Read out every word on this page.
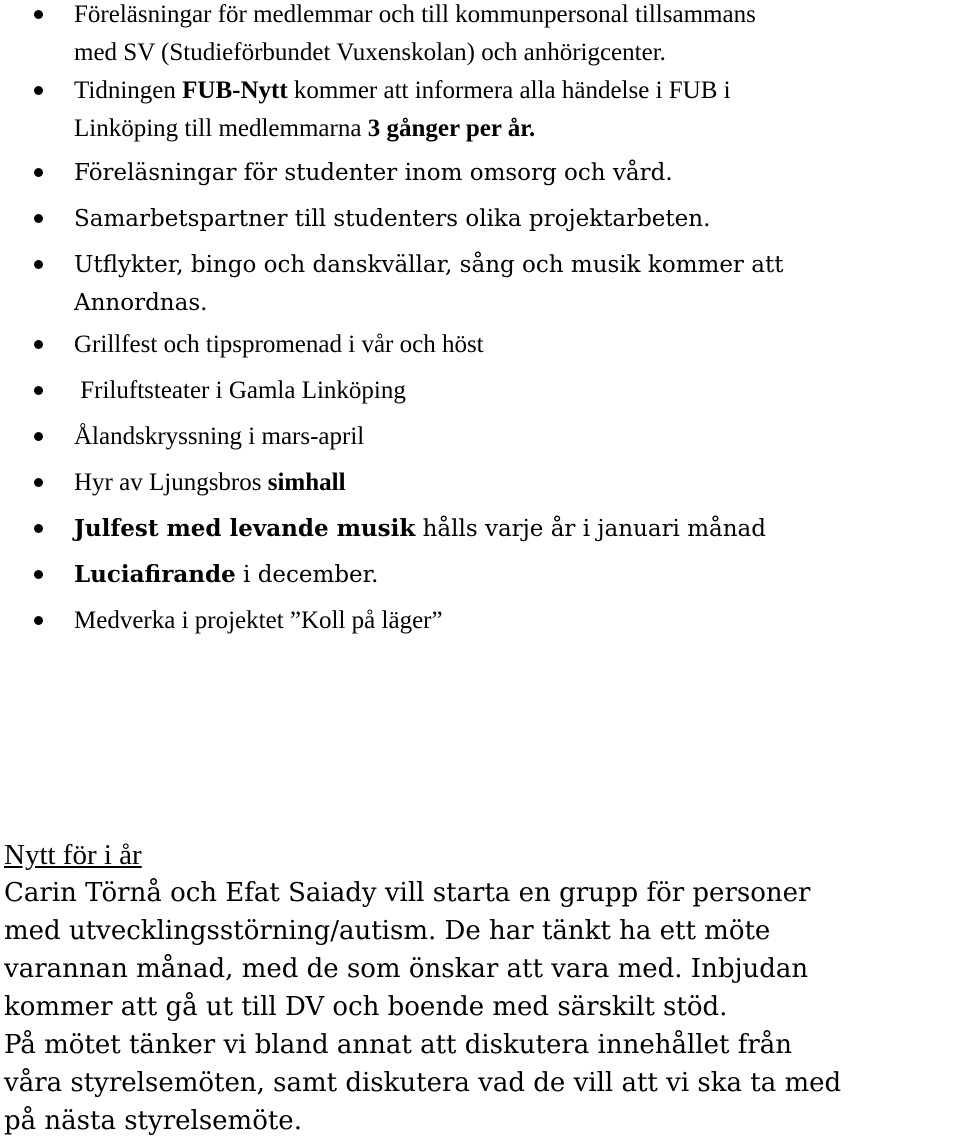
Föreläsningar för medlemmar och till kommunpersonal tillsammans
med SV (Studieförbundet Vuxenskolan) och anhörigcenter.
Tidningen FUB-Nytt kommer att informera alla händelse i FUB i
Linköping till medlemmarna 3 gånger per år.
Föreläsningar för studenter inom omsorg och vård.
Samarbetspartner till studenters olika projektarbeten.
Utflykter, bingo och danskvällar, sång och musik kommer att
Annordnas.
Grillfest och tipspromenad i vår och höst
Friluftsteater i Gamla Linköping
Ålandskryssning i mars-april
Hyr av Ljungsbros simhall
Julfest med levande musik hålls varje år i januari månad
Luciafirande i december.
Medverka i projektet ”Koll på läger”
Nytt för i år
Carin Törnå och Efat Saiady vill starta en grupp för personer
med utvecklingsstörning/autism. De har tänkt ha ett möte
varannan månad, med de som önskar att vara med. Inbjudan
kommer att gå ut till DV och boende med särskilt stöd.
På mötet tänker vi bland annat att diskutera innehållet från
våra styrelsemöten, samt diskutera vad de vill att vi ska ta med
på nästa styrelsemöte.
